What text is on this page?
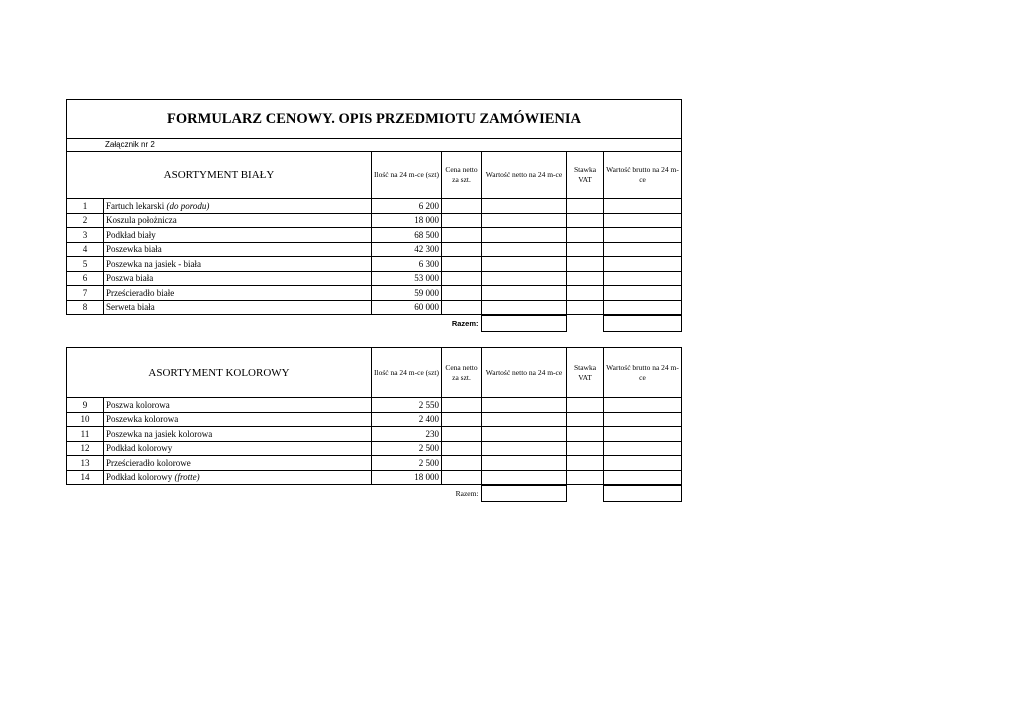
FORMULARZ CENOWY. OPIS PRZEDMIOTU ZAMÓWIENIA						
Załącznik nr 2						
ASORTYMENT BIAŁY		Ilość na 24 m-ce (szt)	Cena netto za szt.	Wartość netto na 24 m-ce	Stawka VAT	Wartość brutto na 24 m-ce
1	Fartuch lekarski (do porodu)	6 200				
2	Koszula położnicza	18 000				
3	Podkład biały	68 500				
4	Poszewka biała	42 300				
5	Poszewka na jasiek - biała	6 300				
6	Poszwa biała	53 000				
7	Prześcieradło białe	59 000				
8	Serweta biała	60 000				
Razem:			
ASORTYMENT KOLOROWY		Ilość na 24 m-ce (szt)	Cena netto za szt.	Wartość netto na 24 m-ce	Stawka VAT	Wartość brutto na 24 m-ce
9	Poszwa kolorowa	2 550				
10	Poszewka kolorowa	2 400				
11	Poszewka na jasiek kolorowa	230				
12	Podkład kolorowy	2 500				
13	Prześcieradło kolorowe	2 500				
14	Podkład kolorowy (frotte)	18 000				
Razem:			
